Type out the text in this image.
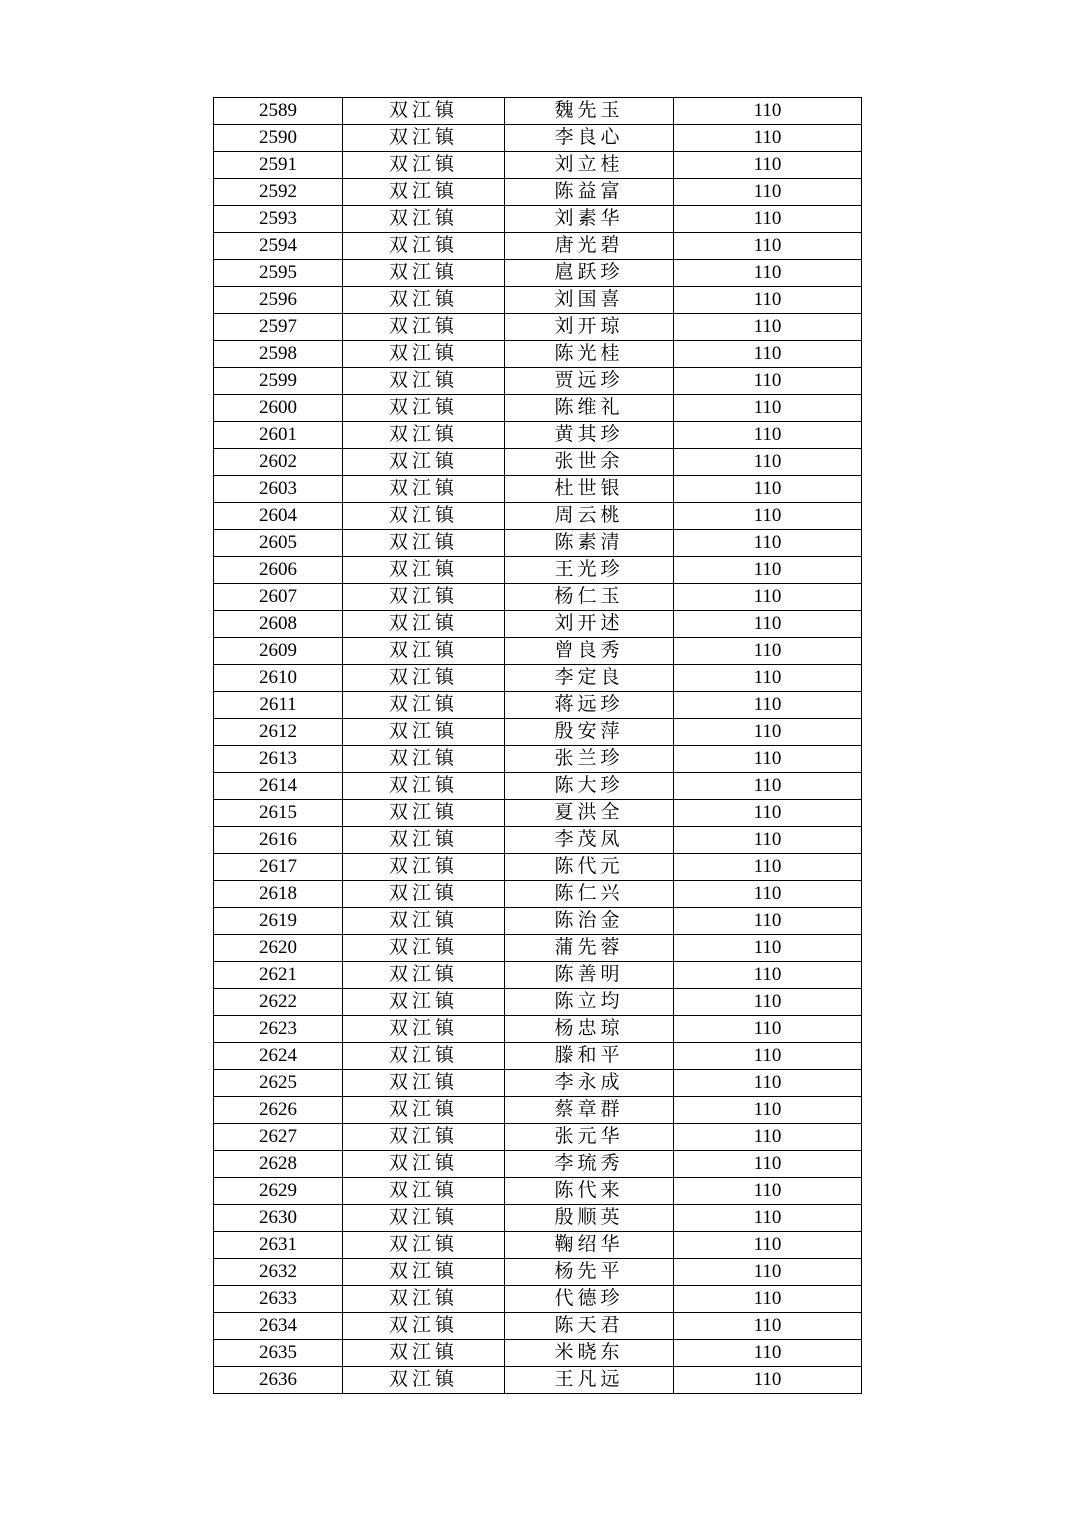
2589	双江镇	魏先玉	110
2590	双江镇	李良心	110
2591	双江镇	刘立桂	110
2592	双江镇	陈益富	110
2593	双江镇	刘素华	110
2594	双江镇	唐光碧	110
2595	双江镇	扈跃珍	110
2596	双江镇	刘国喜	110
2597	双江镇	刘开琼	110
2598	双江镇	陈光桂	110
2599	双江镇	贾远珍	110
2600	双江镇	陈维礼	110
2601	双江镇	黄其珍	110
2602	双江镇	张世余	110
2603	双江镇	杜世银	110
2604	双江镇	周云桃	110
2605	双江镇	陈素清	110
2606	双江镇	王光珍	110
2607	双江镇	杨仁玉	110
2608	双江镇	刘开述	110
2609	双江镇	曾良秀	110
2610	双江镇	李定良	110
2611	双江镇	蒋远珍	110
2612	双江镇	殷安萍	110
2613	双江镇	张兰珍	110
2614	双江镇	陈大珍	110
2615	双江镇	夏洪全	110
2616	双江镇	李茂凤	110
2617	双江镇	陈代元	110
2618	双江镇	陈仁兴	110
2619	双江镇	陈治金	110
2620	双江镇	蒲先蓉	110
2621	双江镇	陈善明	110
2622	双江镇	陈立均	110
2623	双江镇	杨忠琼	110
2624	双江镇	滕和平	110
2625	双江镇	李永成	110
2626	双江镇	蔡章群	110
2627	双江镇	张元华	110
2628	双江镇	李琉秀	110
2629	双江镇	陈代来	110
2630	双江镇	殷顺英	110
2631	双江镇	鞠绍华	110
2632	双江镇	杨先平	110
2633	双江镇	代德珍	110
2634	双江镇	陈天君	110
2635	双江镇	米晓东	110
2636	双江镇	王凡远	110
